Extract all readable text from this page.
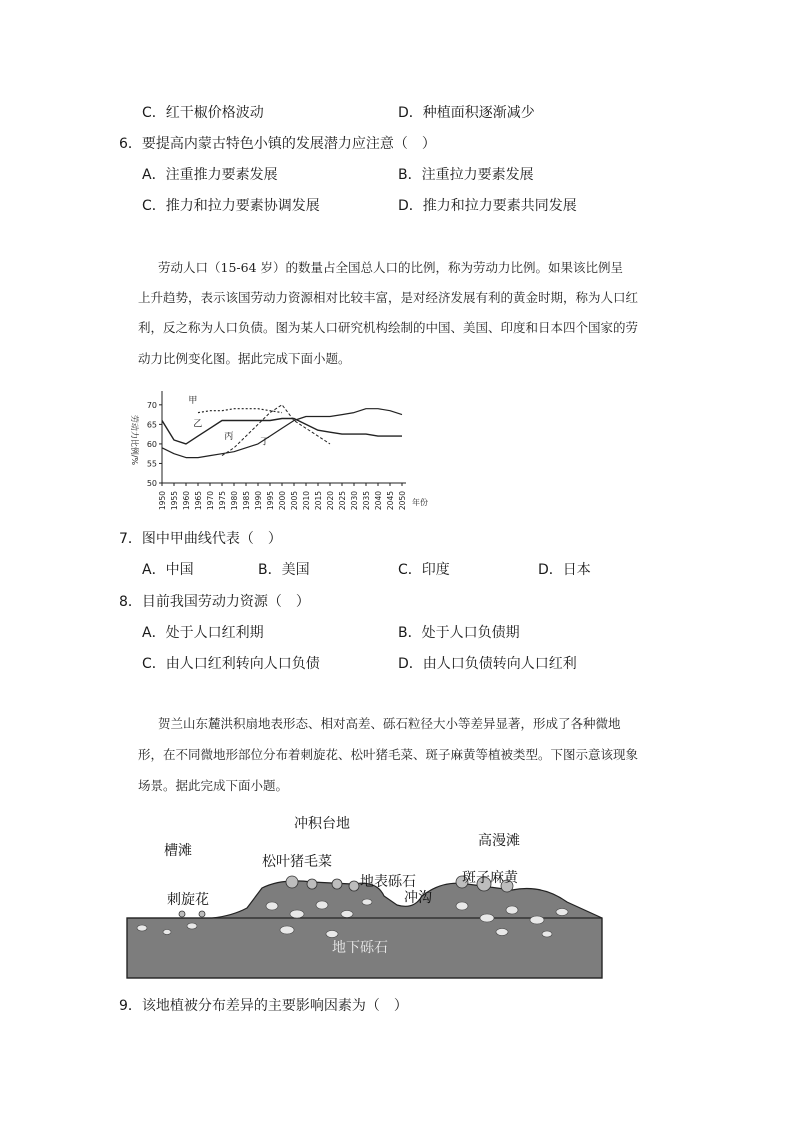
C．红干椒价格波动	D．种植面积逐渐减少
6．要提高内蒙古特色小镇的发展潜力应注意（　）
A．注重推力要素发展	B．注重拉力要素发展
C．推力和拉力要素协调发展	D．推力和拉力要素共同发展
劳动人口（15-64 岁）的数量占全国总人口的比例，称为劳动力比例。如果该比例呈
上升趋势，表示该国劳动力资源相对比较丰富，是对经济发展有利的黄金时期，称为人口红
利，反之称为人口负债。图为某人口研究机构绘制的中国、美国、印度和日本四个国家的劳
动力比例变化图。据此完成下面小题。
甲
乙
丙
丁
70
65
60
55
50
1950 1955 1960 1965 1970 1975 1980 1985 1990 1995 2000 2005 2010 2015 2020 2025 2030 2035 2040 2045 2050
劳动力比例/%
年份
7．图中甲曲线代表（　）
A．中国	B．美国	C．印度	D．日本
8．目前我国劳动力资源（　）
A．处于人口红利期	B．处于人口负债期
C．由人口红利转向人口负债	D．由人口负债转向人口红利
贺兰山东麓洪积扇地表形态、相对高差、砾石粒径大小等差异显著，形成了各种微地
形，在不同微地形部位分布着刺旋花、松叶猪毛菜、斑子麻黄等植被类型。下图示意该现象
场景。据此完成下面小题。
槽滩
冲积台地
高漫滩
松叶猪毛菜
地表砾石	斑子麻黄
刺旋花	冲沟
地下砾石
9．该地植被分布差异的主要影响因素为（　）
